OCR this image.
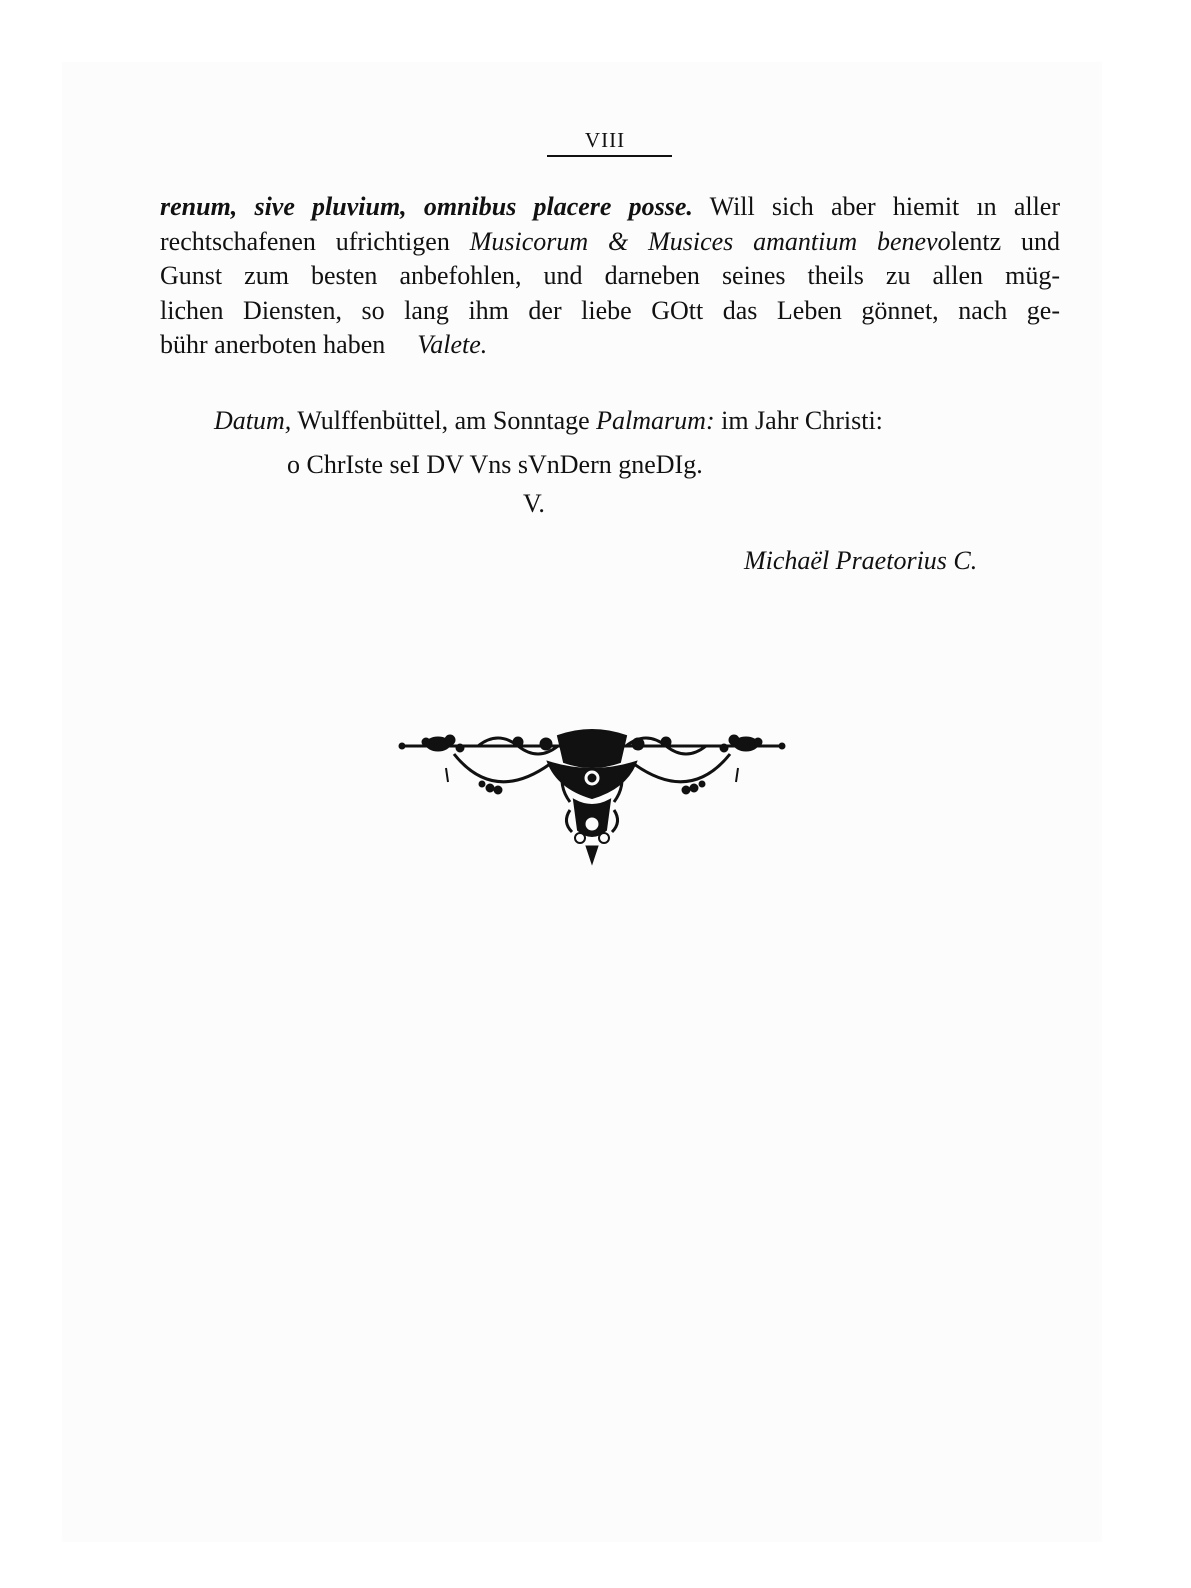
VIII
renum, sive pluvium, omnibus placere posse. Will sich aber hiemit ın aller
rechtschafenen ufrichtigen Musicorum & Musices amantium benevolentz und
Gunst zum besten anbefohlen, und darneben seines theils zu allen müg-
lichen Diensten, so lang ihm der liebe GOtt das Leben gönnet, nach ge-
bühr anerboten haben Valete.
Datum, Wulffenbüttel, am Sonntage Palmarum: im Jahr Christi:
o ChrIste seI DV Vns sVnDern gneDIg.
V.
Michaël Praetorius C.
